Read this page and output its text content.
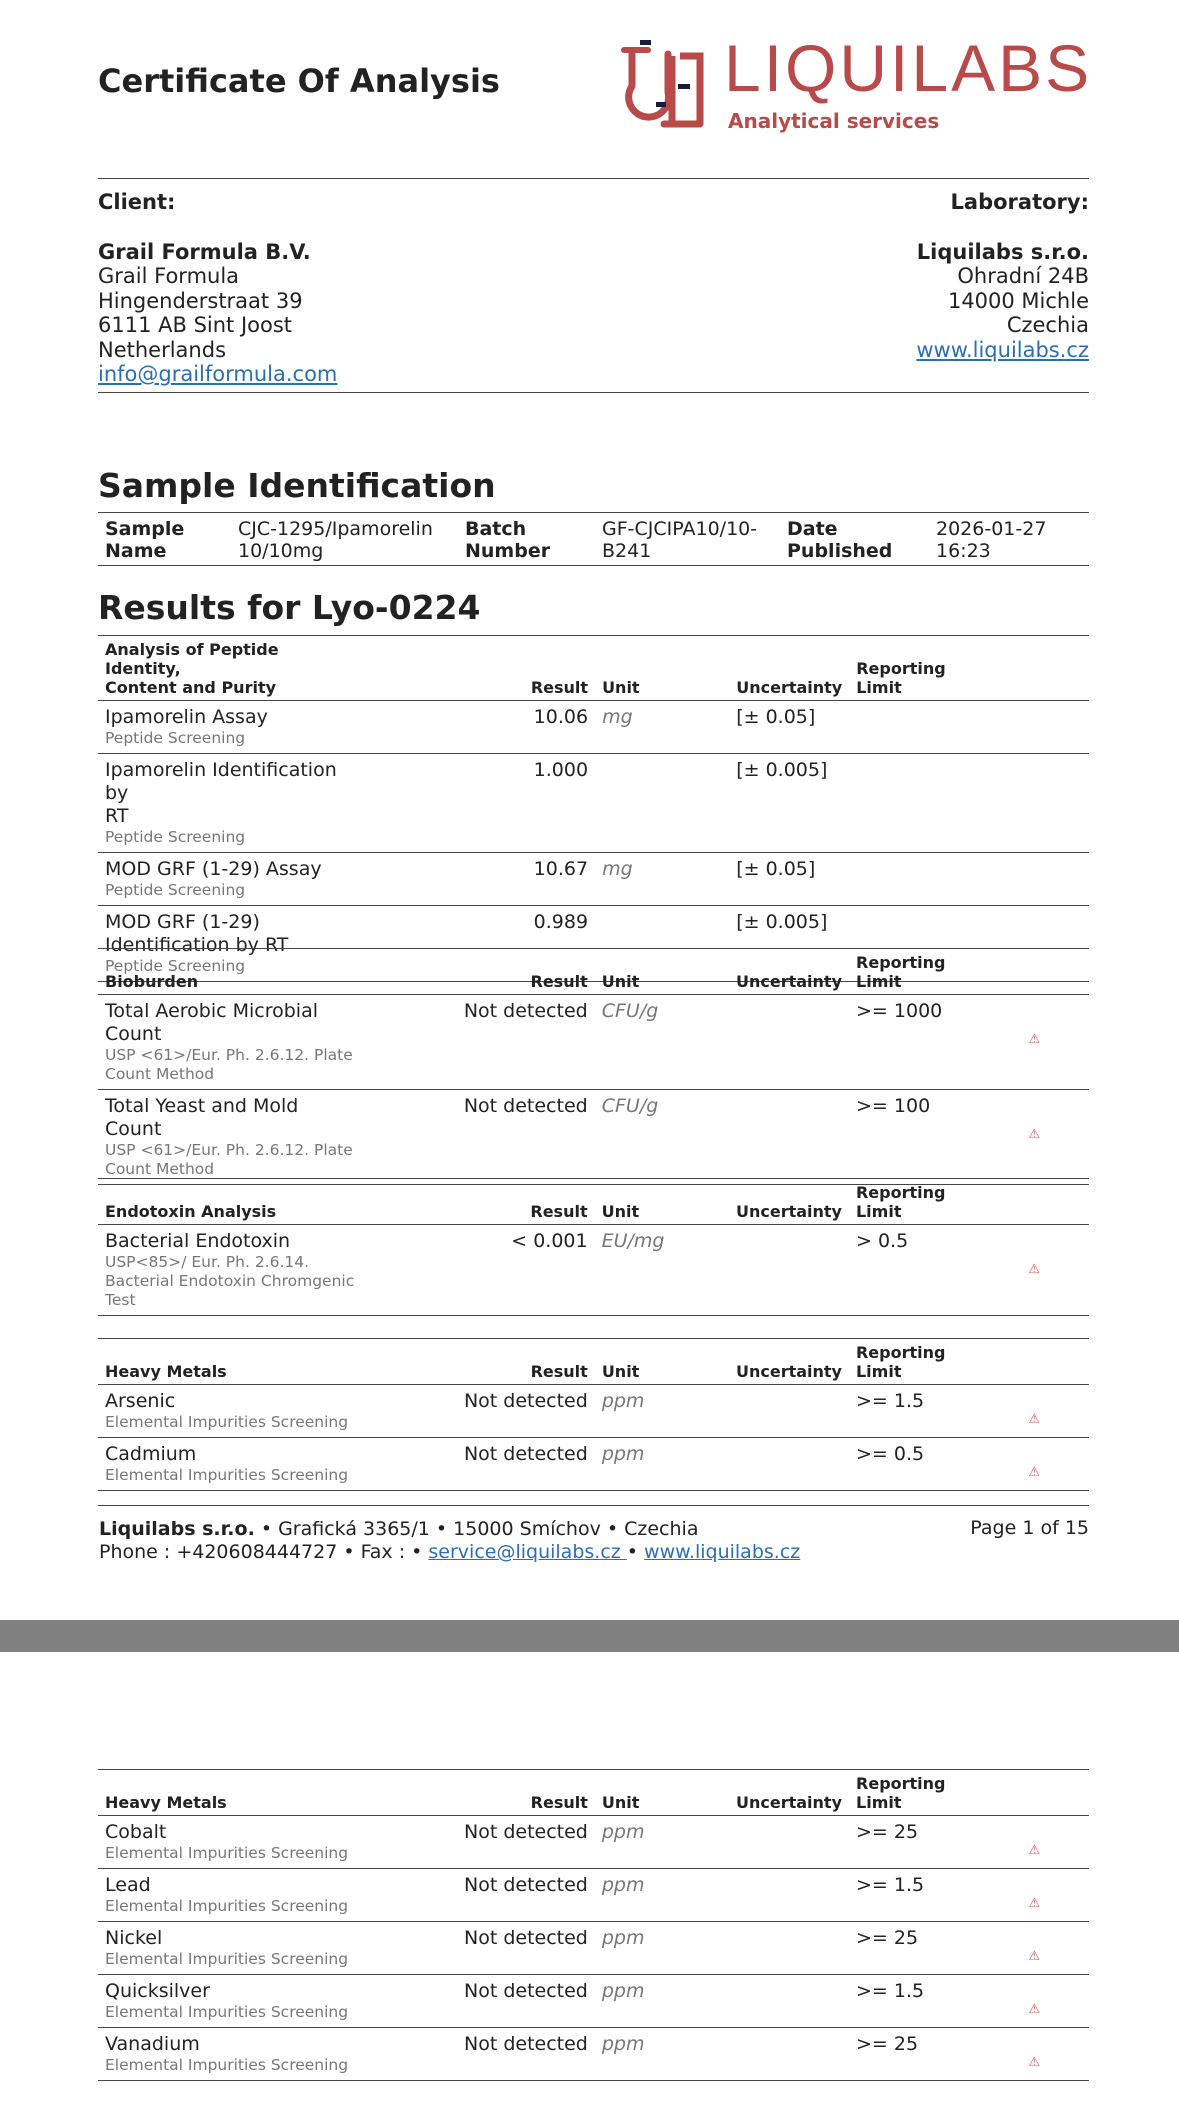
Certificate Of Analysis	LIQUILABS
Analytical services
Client:
Grail Formula B.V.
Grail Formula
Hingenderstraat 39
6111 AB Sint Joost
Netherlands
info@grailformula.com
Laboratory:
Liquilabs s.r.o.
Ohradní 24B
14000 Michle
Czechia
www.liquilabs.cz
Sample Identification
Sample
Name
CJC-1295/Ipamorelin
10/10mg
Batch
Number
GF-CJCIPA10/10-
B241
Date
Published
2026-01-27
16:23
Results for Lyo-0224
Analysis of Peptide Identity,
Content and Purity	Result	Unit	Uncertainty	Reporting
Limit	
Ipamorelin Assay
Peptide Screening	10.06	mg	[± 0.05]		
Ipamorelin Identification by
RT
Peptide Screening	1.000		[± 0.005]		
MOD GRF (1-29) Assay
Peptide Screening	10.67	mg	[± 0.05]		
MOD GRF (1-29)
Identification by RT
Peptide Screening	0.989		[± 0.005]		
Bioburden	Result	Unit	Uncertainty	Reporting
Limit	
Total Aerobic Microbial
Count
USP <61>/Eur. Ph. 2.6.12. Plate
Count Method	Not detected	CFU/g		>= 1000	⚠
Total Yeast and Mold Count
USP <61>/Eur. Ph. 2.6.12. Plate
Count Method	Not detected	CFU/g		>= 100	⚠
Endotoxin Analysis	Result	Unit	Uncertainty	Reporting
Limit	
Bacterial Endotoxin
USP<85>/ Eur. Ph. 2.6.14.
Bacterial Endotoxin Chromgenic
Test	< 0.001	EU/mg		> 0.5	⚠
Heavy Metals	Result	Unit	Uncertainty	Reporting
Limit	
Arsenic
Elemental Impurities Screening	Not detected	ppm		>= 1.5	⚠
Cadmium
Elemental Impurities Screening	Not detected	ppm		>= 0.5	⚠
Liquilabs s.r.o. • Grafická 3365/1 • 15000 Smíchov • Czechia
Phone : +420608444727 • Fax : • service@liquilabs.cz • www.liquilabs.cz
Page 1 of 15
Heavy Metals	Result	Unit	Uncertainty	Reporting
Limit	
Cobalt
Elemental Impurities Screening	Not detected	ppm		>= 25	⚠
Lead
Elemental Impurities Screening	Not detected	ppm		>= 1.5	⚠
Nickel
Elemental Impurities Screening	Not detected	ppm		>= 25	⚠
Quicksilver
Elemental Impurities Screening	Not detected	ppm		>= 1.5	⚠
Vanadium
Elemental Impurities Screening	Not detected	ppm		>= 25	⚠
